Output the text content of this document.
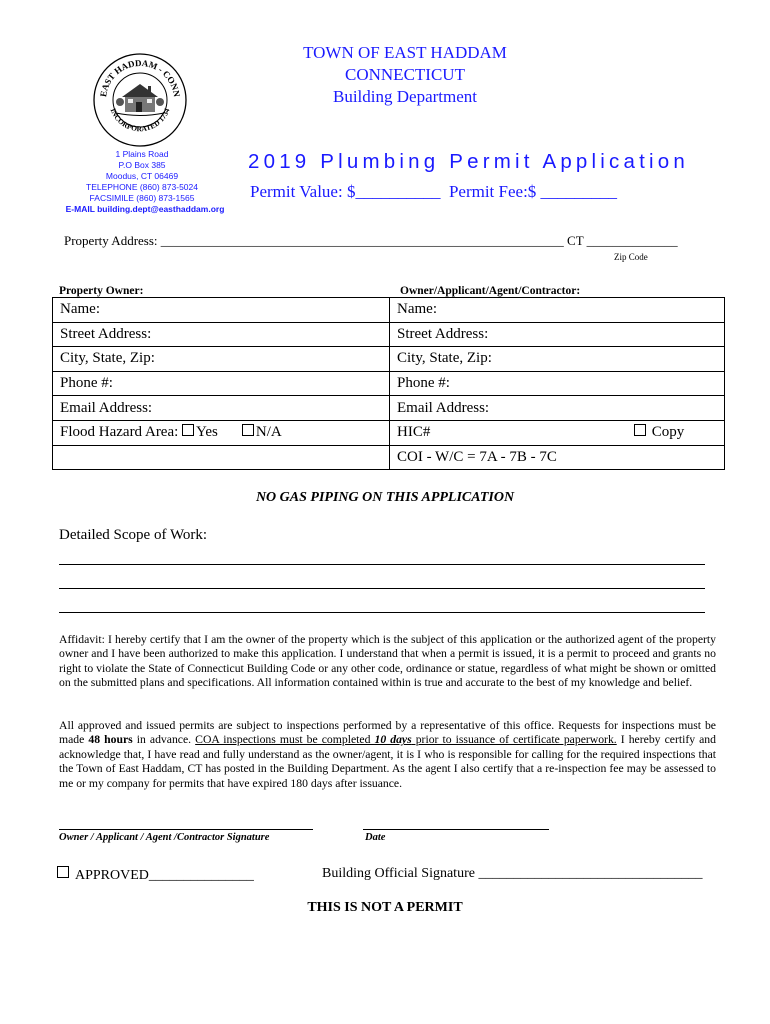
EAST HADDAM - CONN
INCORPORATED 1734
TOWN OF EAST HADDAM
CONNECTICUT
Building Department
1 Plains Road
P.O Box 385
Moodus, CT 06469
TELEPHONE (860) 873-5024
FACSIMILE (860) 873-1565
E-MAIL building.dept@easthaddam.org
2019 Plumbing Permit Application
Permit Value: $__________ Permit Fee:$ _________
Property Address: ______________________________________________________________ CT ______________
Zip Code
Property Owner:	Owner/Applicant/Agent/Contractor:
Name:	Name:
Street Address:	Street Address:
City, State, Zip:	City, State, Zip:
Phone #:	Phone #:
Email Address:	Email Address:
Flood Hazard Area: Yes N/A	HIC# Copy

	COI - W/C = 7A - 7B - 7C
NO GAS PIPING ON THIS APPLICATION
Detailed Scope of Work:
Affidavit: I hereby certify that I am the owner of the property which is the subject of this application or the authorized agent of the property owner and I have been authorized to make this application. I understand that when a permit is issued, it is a permit to proceed and grants no right to violate the State of Connecticut Building Code or any other code, ordinance or statue, regardless of what might be shown or omitted on the submitted plans and specifications. All information contained within is true and accurate to the best of my knowledge and belief.
All approved and issued permits are subject to inspections performed by a representative of this office. Requests for inspections must be made 48 hours in advance. COA inspections must be completed 10 days prior to issuance of certificate paperwork. I hereby certify and acknowledge that, I have read and fully understand as the owner/agent, it is I who is responsible for calling for the required inspections that the Town of East Haddam, CT has posted in the Building Department. As the agent I also certify that a re-inspection fee may be assessed to me or my company for permits that have expired 180 days after issuance.
Owner / Applicant / Agent /Contractor Signature	Date
APPROVED_______________	Building Official Signature ________________________________
THIS IS NOT A PERMIT
